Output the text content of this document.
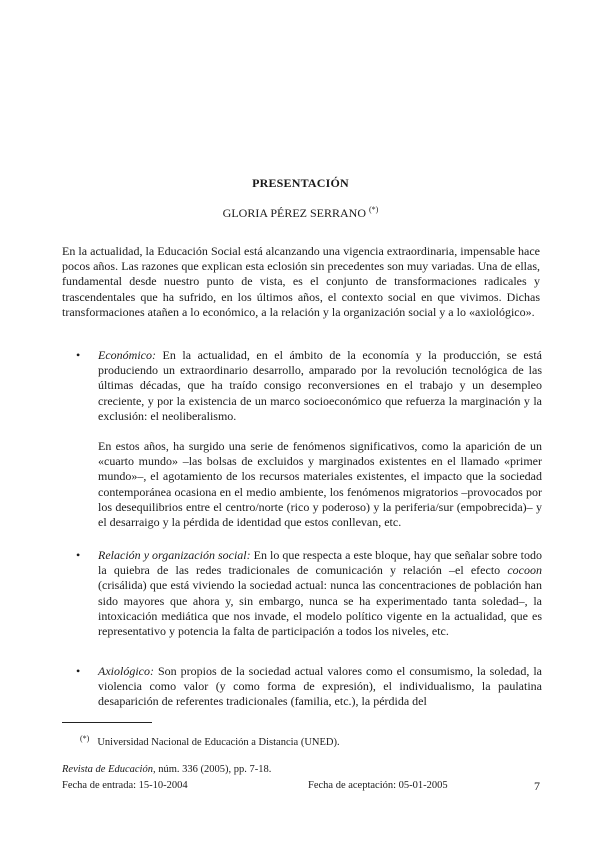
PRESENTACIÓN
GLORIA PÉREZ SERRANO (*)
En la actualidad, la Educación Social está alcanzando una vigencia extraordinaria, impensable hace pocos años. Las razones que explican esta eclosión sin precedentes son muy variadas. Una de ellas, fundamental desde nuestro punto de vista, es el conjunto de transformaciones radicales y trascendentales que ha sufrido, en los últimos años, el contexto social en que vivimos. Dichas transformaciones atañen a lo económico, a la relación y la organización social y a lo «axiológico».
• Económico: En la actualidad, en el ámbito de la economía y la producción, se está produciendo un extraordinario desarrollo, amparado por la revolución tecnológica de las últimas décadas, que ha traído consigo reconversiones en el trabajo y un desempleo creciente, y por la existencia de un marco socioeconómico que refuerza la marginación y la exclusión: el neoliberalismo.

En estos años, ha surgido una serie de fenómenos significativos, como la aparición de un «cuarto mundo» –las bolsas de excluidos y marginados existentes en el llamado «primer mundo»–, el agotamiento de los recursos materiales existentes, el impacto que la sociedad contemporánea ocasiona en el medio ambiente, los fenómenos migratorios –provocados por los desequilibrios entre el centro/norte (rico y poderoso) y la periferia/sur (empobrecida)– y el desarraigo y la pérdida de identidad que estos conllevan, etc.

• Relación y organización social: En lo que respecta a este bloque, hay que señalar sobre todo la quiebra de las redes tradicionales de comunicación y relación –el efecto cocoon (crisálida) que está viviendo la sociedad actual: nunca las concentraciones de población han sido mayores que ahora y, sin embargo, nunca se ha experimentado tanta soledad–, la intoxicación mediática que nos invade, el modelo político vigente en la actualidad, que es representativo y potencia la falta de participación a todos los niveles, etc.

• Axiológico: Son propios de la sociedad actual valores como el consumismo, la soledad, la violencia como valor (y como forma de expresión), el individualismo, la paulatina desaparición de referentes tradicionales (familia, etc.), la pérdida del

(*) Universidad Nacional de Educación a Distancia (UNED).
Revista de Educación, núm. 336 (2005), pp. 7-18.
Fecha de entrada: 15-10-2004	Fecha de aceptación: 05-01-2005	7
